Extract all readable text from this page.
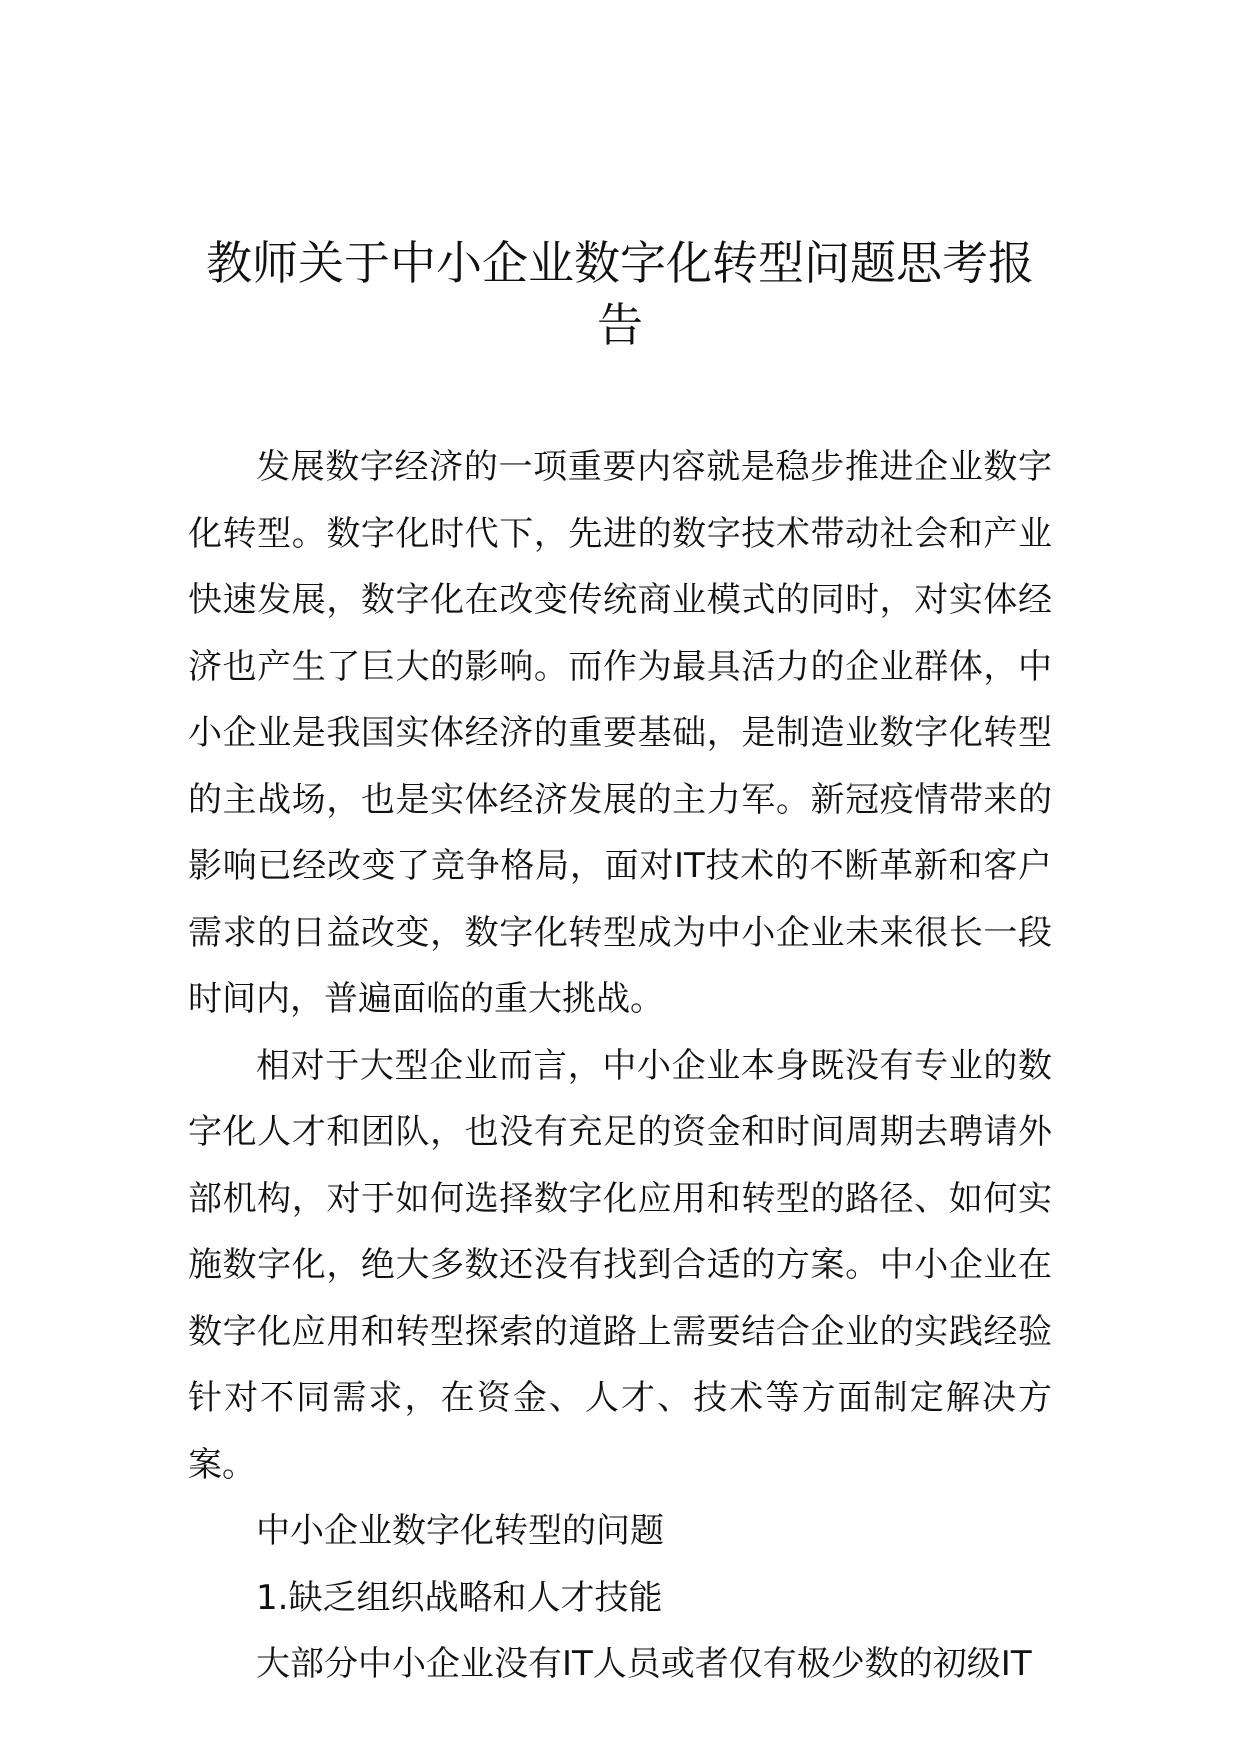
教师关于中小企业数字化转型问题思考报告

发展数字经济的一项重要内容就是稳步推进企业数字化转型。数字化时代下，先进的数字技术带动社会和产业快速发展，数字化在改变传统商业模式的同时，对实体经济也产生了巨大的影响。而作为最具活力的企业群体，中小企业是我国实体经济的重要基础，是制造业数字化转型的主战场，也是实体经济发展的主力军。新冠疫情带来的影响已经改变了竞争格局，面对IT技术的不断革新和客户需求的日益改变，数字化转型成为中小企业未来很长一段时间内，普遍面临的重大挑战。

相对于大型企业而言，中小企业本身既没有专业的数字化人才和团队，也没有充足的资金和时间周期去聘请外部机构，对于如何选择数字化应用和转型的路径、如何实施数字化，绝大多数还没有找到合适的方案。中小企业在数字化应用和转型探索的道路上需要结合企业的实践经验针对不同需求，在资金、人才、技术等方面制定解决方案。

中小企业数字化转型的问题

1.缺乏组织战略和人才技能

大部分中小企业没有IT人员或者仅有极少数的初级IT
